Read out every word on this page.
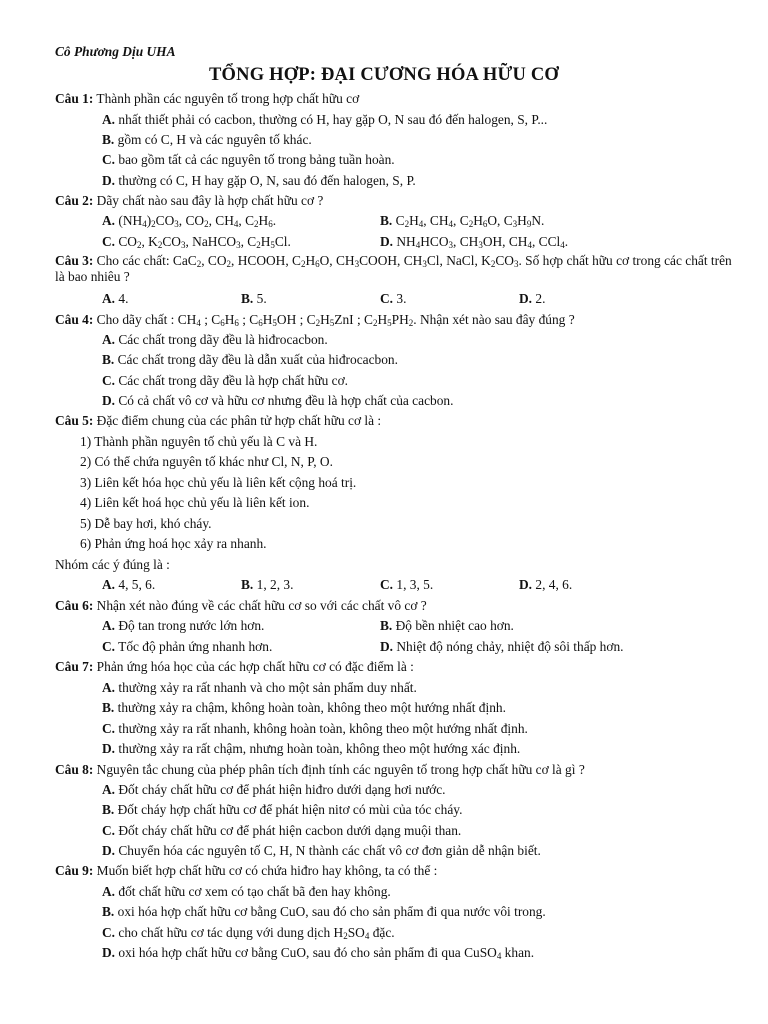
Cô Phương Dịu UHA
TỔNG HỢP: ĐẠI CƯƠNG HÓA HỮU CƠ
Câu 1: Thành phần các nguyên tố trong hợp chất hữu cơ
A. nhất thiết phải có cacbon, thường có H, hay gặp O, N sau đó đến halogen, S, P...
B. gồm có C, H và các nguyên tố khác.
C. bao gồm tất cả các nguyên tố trong bảng tuần hoàn.
D. thường có C, H hay gặp O, N, sau đó đến halogen, S, P.
Câu 2: Dãy chất nào sau đây là hợp chất hữu cơ ?
A. $(NH_4)_2CO_3$, $CO_2$, $CH_4$, $C_2H_6$.	B. $C_2H_4$, $CH_4$, $C_2H_6O$, $C_3H_9N$.
C. $CO_2$, $K_2CO_3$, NaHCO$_3$, $C_2H_5Cl$.	D. $NH_4HCO_3$, $CH_3OH$, $CH_4$, CCl$_4$.
Câu 3: Cho các chất: CaC$_2$, $CO_2$, HCOOH, $C_2H_6O$, $CH_3COOH$, $CH_3Cl$, NaCl, $K_2CO_3$. Số hợp chất hữu cơ trong các chất trên là bao nhiêu ?
A. 4.	B. 5.	C. 3.	D. 2.
Câu 4: Cho dãy chất : $CH_4$ ; $C_6H_6$ ; $C_6H_5OH$ ; $C_2H_5ZnI$ ; $C_2H_5PH_2$. Nhận xét nào sau đây đúng ?
A. Các chất trong dãy đều là hiđrocacbon.
B. Các chất trong dãy đều là dẫn xuất của hiđrocacbon.
C. Các chất trong dãy đều là hợp chất hữu cơ.
D. Có cả chất vô cơ và hữu cơ nhưng đều là hợp chất của cacbon.
Câu 5: Đặc điểm chung của các phân tử hợp chất hữu cơ là :
1) Thành phần nguyên tố chủ yếu là C và H.
2) Có thể chứa nguyên tố khác như Cl, N, P, O.
3) Liên kết hóa học chủ yếu là liên kết cộng hoá trị.
4) Liên kết hoá học chủ yếu là liên kết ion.
5) Dễ bay hơi, khó cháy.
6) Phản ứng hoá học xảy ra nhanh.
Nhóm các ý đúng là :
A. 4, 5, 6.	B. 1, 2, 3.	C. 1, 3, 5.	D. 2, 4, 6.
Câu 6: Nhận xét nào đúng về các chất hữu cơ so với các chất vô cơ ?
A. Độ tan trong nước lớn hơn.	B. Độ bền nhiệt cao hơn.
C. Tốc độ phản ứng nhanh hơn.	D. Nhiệt độ nóng chảy, nhiệt độ sôi thấp hơn.
Câu 7: Phản ứng hóa học của các hợp chất hữu cơ có đặc điểm là :
A. thường xảy ra rất nhanh và cho một sản phẩm duy nhất.
B. thường xảy ra chậm, không hoàn toàn, không theo một hướng nhất định.
C. thường xảy ra rất nhanh, không hoàn toàn, không theo một hướng nhất định.
D. thường xảy ra rất chậm, nhưng hoàn toàn, không theo một hướng xác định.
Câu 8: Nguyên tắc chung của phép phân tích định tính các nguyên tố trong hợp chất hữu cơ là gì ?
A. Đốt cháy chất hữu cơ để phát hiện hiđro dưới dạng hơi nước.
B. Đốt cháy hợp chất hữu cơ để phát hiện nitơ có mùi của tóc cháy.
C. Đốt cháy chất hữu cơ để phát hiện cacbon dưới dạng muội than.
D. Chuyển hóa các nguyên tố C, H, N thành các chất vô cơ đơn giản dễ nhận biết.
Câu 9: Muốn biết hợp chất hữu cơ có chứa hiđro hay không, ta có thể :
A. đốt chất hữu cơ xem có tạo chất bã đen hay không.
B. oxi hóa hợp chất hữu cơ bằng CuO, sau đó cho sản phẩm đi qua nước vôi trong.
C. cho chất hữu cơ tác dụng với dung dịch $H_2SO_4$ đặc.
D. oxi hóa hợp chất hữu cơ bằng CuO, sau đó cho sản phẩm đi qua CuSO$_4$ khan.
